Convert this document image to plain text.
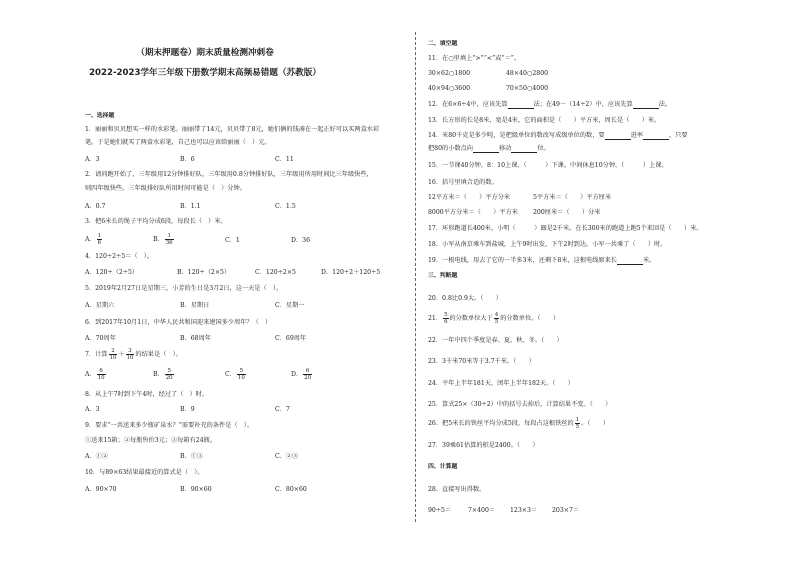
（期末押题卷）期末质量检测冲刺卷
2022-2023学年三年级下册数学期末高频易错题（苏教版）
一、选择题
1．丽丽和贝贝想买一样的水彩笔。丽丽带了14元，贝贝带了8元，她们俩的钱凑在一起正好可以买两盒水彩
笔。于是她们就买了两盒水彩笔，自己也可以应该给丽丽（　）元。
A．3	B．6	C．11
2．请问跑开始了，三年级用12分钟排好队，三年级用0.8分钟排好队，三年级用所用时间比三年级快些，
则四年级快些。三年级排好队所用时间可能是（　）分钟。
A．0.7	B．1.1	C．1.5
3．把6米长的绳子平均分成6段，每段长（　）米。
A． $\frac{1}{6}$	B． $\frac{1}{36}$	C．1	D．36
4．120÷2÷5＝（　）。
A．120÷（2÷5）	B．120÷（2×5）	C．120÷2×5	D．120÷2＋120÷5
5．2019年2月27日是星期三，小芳的生日是3月2日，这一天是（　）。
A．星期六	B．星期日	C．星期一
6．到2017年10月1日，中华人民共和国迎来建国多少周年？（　）
A．70周年	B．68周年	C．69周年
7．计算 $\frac{2}{10} + \frac{3}{10}$ 的结果是（　）。
A． $\frac{6}{10}$	B． $\frac{5}{20}$	C． $\frac{5}{10}$	D． $\frac{6}{20}$
8．从上午7时到下午4时，经过了（　）时。
A．3	B．9	C．7
9．要求“一共送来多少瓶矿泉水？”需要补充的条件是（　）。
①送来15箱；②每瓶售价3元；③每箱有24瓶。
A．①②	B．①③	C．②③
10．与89×63结果最接近的算式是（　）。
A．90×70	B．90×60	C．80×60
二、填空题
11．在○里填上“>”“<”或“＝”。
30×62○1800	48×40○2800
40×94○3600	70×50○4000
12．在6×6÷4中，应该先算	法；在49－（14÷2）中，应该先算	法。
13．长方形的长是8米，宽是4米，它的面积是（　　）平方米，周长是（　　）米。
14．米80千克是多少吨，是把级单位的数改写成级单位的数，要	进率	，只要
把80的小数点向	移动	位。
15．一节课40分钟，8：10上课，（　　　）下课。中间休息10分钟，（　　　）上课。
16．括号里填合适的数。
12平方米＝（　　）平方分米	5平方米＝（　　）平方厘米
8000平方分米＝（　　）平方米 200厘米＝（　　）分米
17．环形跑道长400米，小明（　　　）圈是2千米。在长300米的跑道上跑5个来回是（　　）米。
18．小军从南京乘车到盐城，上午9时出发，下午2时到达。小军一共乘了（　　）时。
19．一根电线，用去了它的一半多3米，还剩下8米，这根电线原来长	米。
三、判断题
20．0.8比0.9大。（　　）
21． $\frac{5}{6}$ 的分数单位大于 $\frac{4}{5}$ 的分数单位。（　　）
22．一年中四个季度是春、夏、秋、冬。（　　）
23．3千米70米等于3.7千米。（　　）
24．平年上半年181天，闰年上半年182天。（　　）
25．算式25×（30÷2）中的括号去掉后，计算结果不变。（　　）
26．把5米长的铁丝平均分成5段，每段占这根铁丝的 $\frac{1}{5}$ 。（　　）
27．39乘61估算的积是2400。（　　）
四、计算题
28．直接写出得数。
90÷5＝	7×400＝ 123×3＝ 203×7＝
